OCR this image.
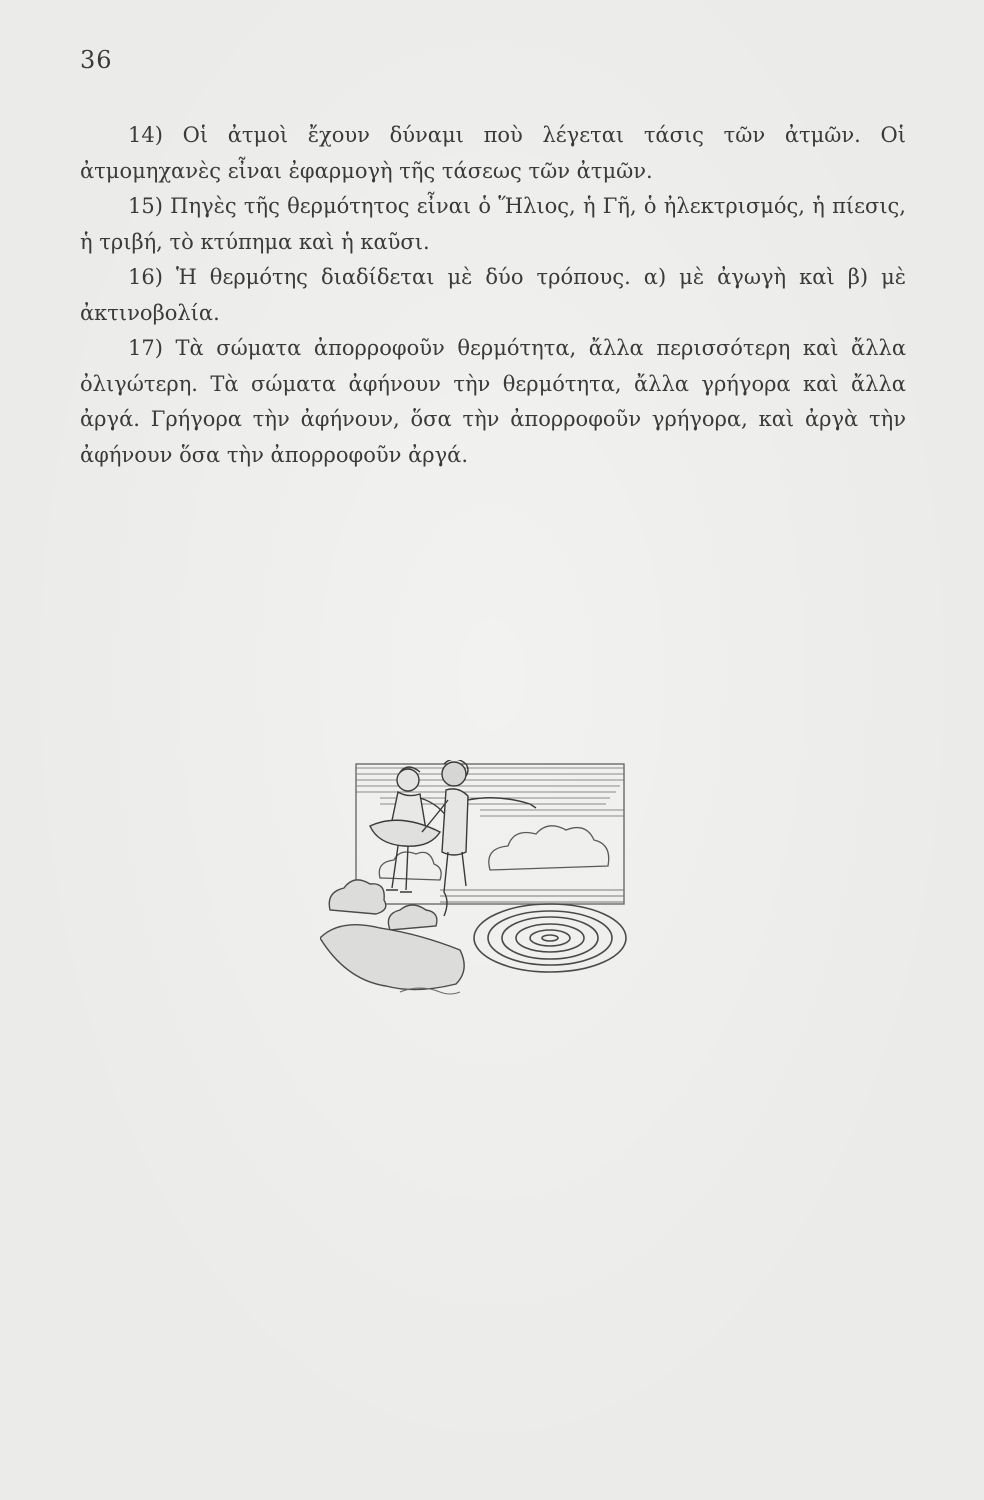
36

14) Οἱ ἀτμοὶ ἔχουν δύναμι ποὺ λέγεται τάσις τῶν ἀτμῶν. Οἱ ἀτμομηχανὲς εἶναι ἐφαρμογὴ τῆς τάσεως τῶν ἀτμῶν.

15) Πηγὲς τῆς θερμότητος εἶναι ὁ Ἥλιος, ἡ Γῆ, ὁ ἠλεκτρισμός, ἡ πίεσις, ἡ τριβή, τὸ κτύπημα καὶ ἡ καῦσι.

16) Ἡ θερμότης διαδίδεται μὲ δύο τρόπους. α) μὲ ἀγωγὴ καὶ β) μὲ ἀκτινοβολία.

17) Τὰ σώματα ἀπορροφοῦν θερμότητα, ἄλλα περισσότερη καὶ ἄλλα ὀλιγώτερη. Τὰ σώματα ἀφήνουν τὴν θερμότητα, ἄλλα γρήγορα καὶ ἄλλα ἀργά. Γρήγορα τὴν ἀφήνουν, ὅσα τὴν ἀπορροφοῦν γρήγορα, καὶ ἀργὰ τὴν ἀφήνουν ὅσα τὴν ἀπορροφοῦν ἀργά.
